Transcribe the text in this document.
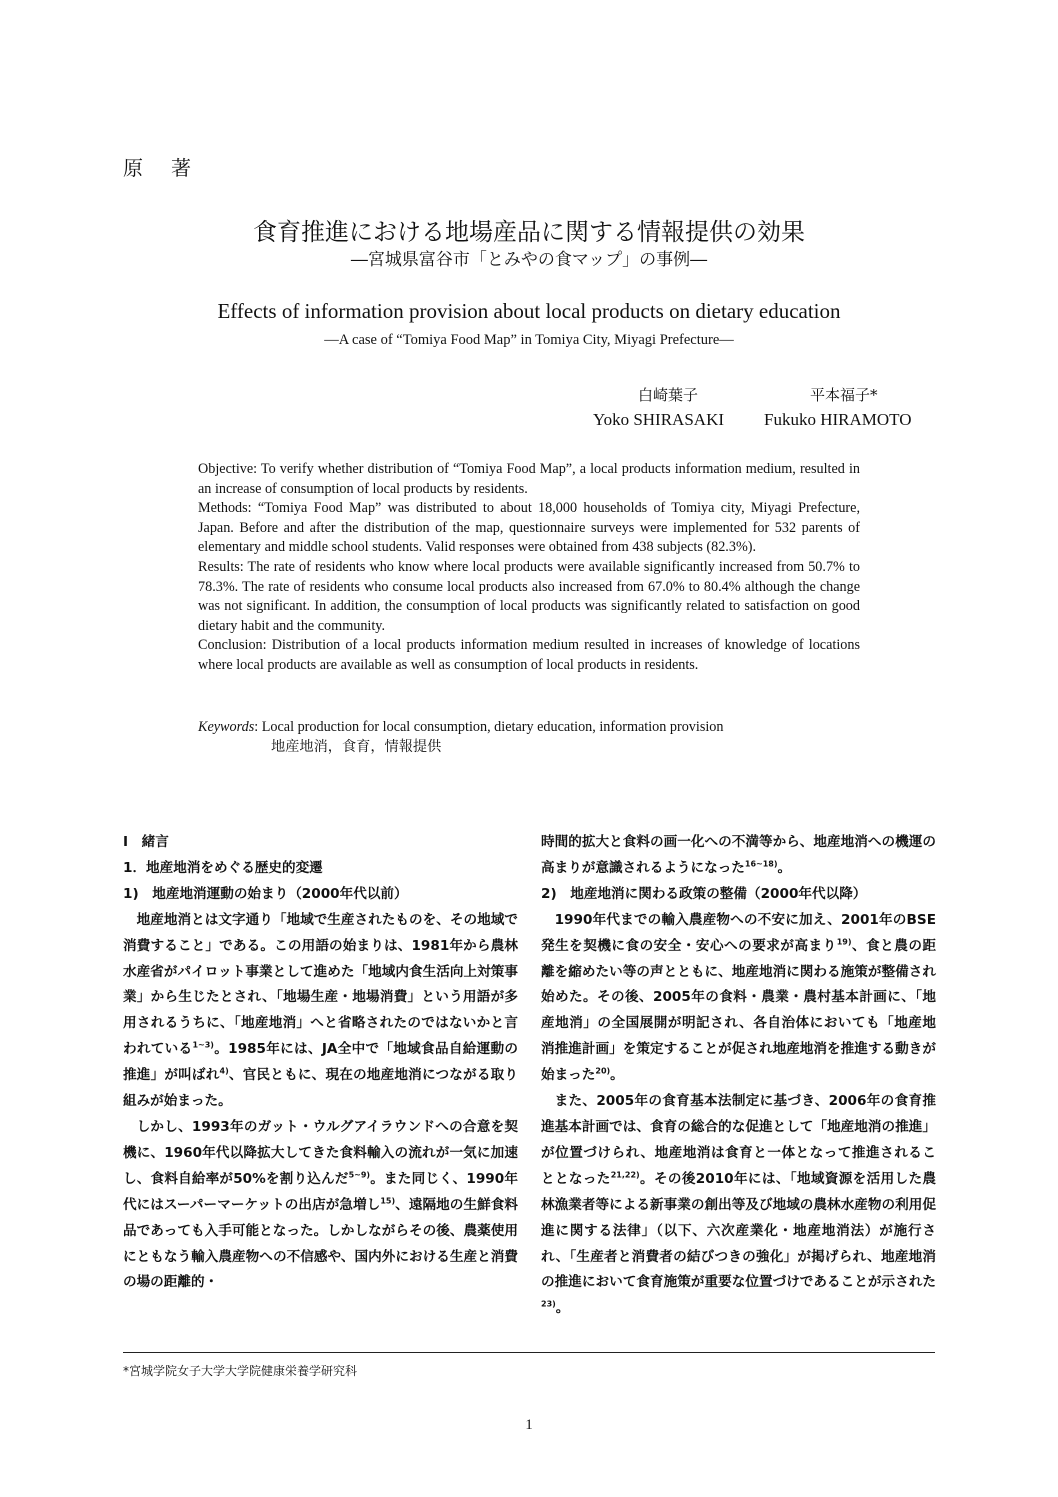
原著
食育推進における地場産品に関する情報提供の効果
―宮城県富谷市「とみやの食マップ」の事例―
Effects of information provision about local products on dietary education
―A case of “Tomiya Food Map” in Tomiya City, Miyagi Prefecture―
白崎葉子	平本福子*
Yoko SHIRASAKI Fukuko HIRAMOTO

Objective: To verify whether distribution of “Tomiya Food Map”, a local products information medium, resulted in an increase of consumption of local products by residents.

Methods: “Tomiya Food Map” was distributed to about 18,000 households of Tomiya city, Miyagi Prefecture, Japan. Before and after the distribution of the map, questionnaire surveys were implemented for 532 parents of elementary and middle school students. Valid responses were obtained from 438 subjects (82.3%).

Results: The rate of residents who know where local products were available significantly increased from 50.7% to 78.3%. The rate of residents who consume local products also increased from 67.0% to 80.4% although the change was not significant. In addition, the consumption of local products was significantly related to satisfaction on good dietary habit and the community.

Conclusion: Distribution of a local products information medium resulted in increases of knowledge of locations where local products are available as well as consumption of local products in residents.

Keywords: Local production for local consumption, dietary education, information provision
地産地消，食育，情報提供

Ⅰ　緒言

1．地産地消をめぐる歴史的変遷

1)　地産地消運動の始まり（2000年代以前）

地産地消とは文字通り「地域で生産されたものを、その地域で消費すること」である。この用語の始まりは、1981年から農林水産省がパイロット事業として進めた「地域内食生活向上対策事業」から生じたとされ、「地場生産・地場消費」という用語が多用されるうちに、「地産地消」へと省略されたのではないかと言われている$^{1\sim 3)}$。1985年には、JA全中で「地域食品自給運動の推進」が叫ばれ$^{4)}$、官民ともに、現在の地産地消につながる取り組みが始まった。

しかし、1993年のガット・ウルグアイラウンドへの合意を契機に、1960年代以降拡大してきた食料輸入の流れが一気に加速し、食料自給率が50%を割り込んだ$^{5\sim 9)}$。また同じく、1990年代にはスーパーマーケットの出店が急増し$^{15)}$、遠隔地の生鮮食料品であっても入手可能となった。しかしながらその後、農薬使用にともなう輸入農産物への不信感や、国内外における生産と消費の場の距離的・

時間的拡大と食料の画一化への不満等から、地産地消への機運の高まりが意識されるようになった$^{16\sim 18)}$。

2)　地産地消に関わる政策の整備（2000年代以降）

1990年代までの輸入農産物への不安に加え、2001年のBSE発生を契機に食の安全・安心への要求が高まり$^{19)}$、食と農の距離を縮めたい等の声とともに、地産地消に関わる施策が整備され始めた。その後、2005年の食料・農業・農村基本計画に、「地産地消」の全国展開が明記され、各自治体においても「地産地消推進計画」を策定することが促され地産地消を推進する動きが始まった$^{20)}$。

また、2005年の食育基本法制定に基づき、2006年の食育推進基本計画では、食育の総合的な促進として「地産地消の推進」が位置づけられ、地産地消は食育と一体となって推進されることとなった$^{21,22)}$。その後2010年には、「地域資源を活用した農林漁業者等による新事業の創出等及び地域の農林水産物の利用促進に関する法律」（以下、六次産業化・地産地消法）が施行され、「生産者と消費者の結びつきの強化」が掲げられ、地産地消の推進において食育施策が重要な位置づけであることが示された$^{23)}$。

*宮城学院女子大学大学院健康栄養学研究科
1
